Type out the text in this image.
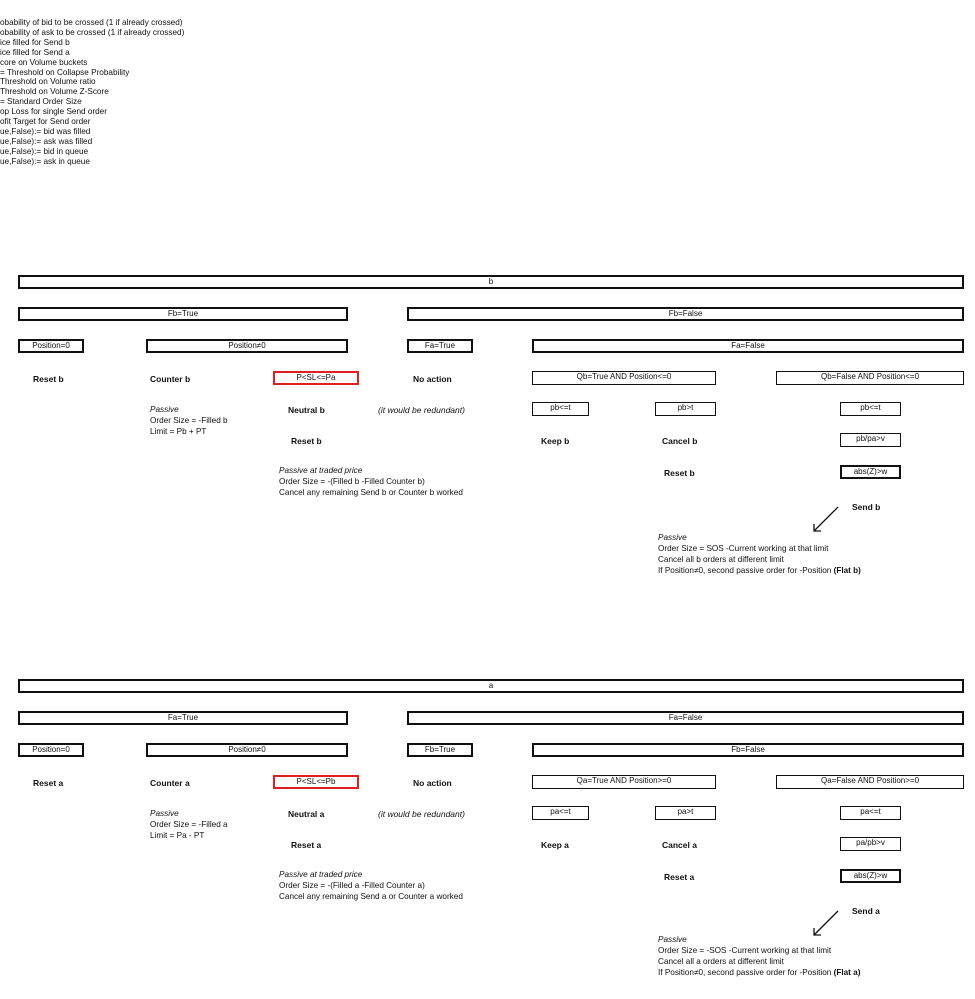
obability of bid to be crossed (1 if already crossed)
obability of ask to be crossed (1 if already crossed)
ice filled for Send b
ice filled for Send a
core on Volume buckets
= Threshold on Collapse Probability
Threshold on Volume ratio
Threshold on Volume Z-Score
= Standard Order Size
op Loss for single Send order
ofit Target for Send order
ue,False):= bid was filled
ue,False):= ask was filled
ue,False):= bid in queue
ue,False):= ask in queue
b
Fb=True	Fb=False
Position=0	Position≠0	Fa=True	Fa=False
Reset b	Counter b	P<SL<=Pa	No action	Qb=True AND Position<=0	Qb=False AND Position<=0
Passive
Order Size = -Filled b
Limit = Pb + PT
Neutral b	(it would be redundant)	pb<=t	pb>t	pb<=t
Reset b	Keep b	Cancel b	pb/pa>v
Passive at traded price
Order Size = -(Filled b -Filled Counter b)
Cancel any remaining Send b or Counter b worked
Reset b	abs(Z)>w
Send b
Passive
Order Size = SOS -Current working at that limit
Cancel all b orders at different limit
If Position≠0, second passive order for -Position (Flat b)
a
Fa=True	Fa=False
Position=0	Position≠0	Fb=True	Fb=False
Reset a	Counter a	P<SL<=Pb	No action	Qa=True AND Position>=0	Qa=False AND Position>=0
Passive
Order Size = -Filled a
Limit = Pa - PT
Neutral a	(it would be redundant)	pa<=t	pa>t	pa<=t
Reset a	Keep a	Cancel a	pa/pb>v
Passive at traded price
Order Size = -(Filled a -Filled Counter a)
Cancel any remaining Send a or Counter a worked
Reset a	abs(Z)>w
Send a
Passive
Order Size = -SOS -Current working at that limit
Cancel all a orders at different limit
If Position≠0, second passive order for -Position (Flat a)
